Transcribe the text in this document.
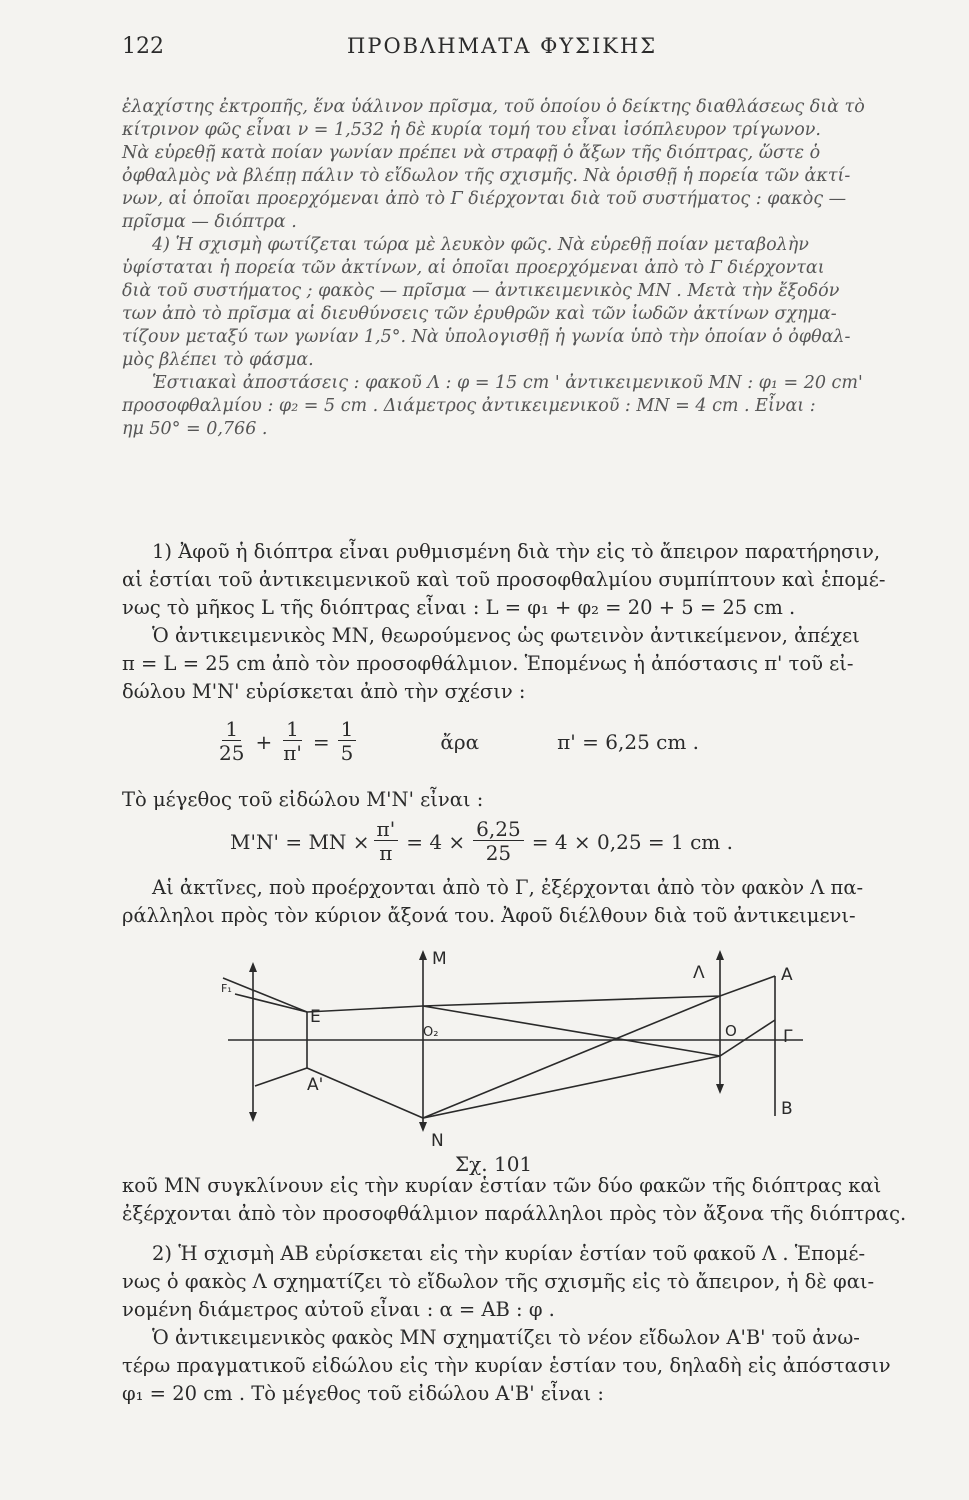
122	ΠΡΟΒΛΗΜΑΤΑ ΦΥΣΙΚΗΣ

ἐλαχίστης ἐκτροπῆς, ἕνα ὑάλινον πρῖσμα, τοῦ ὁποίου ὁ δείκτης διαθλάσεως διὰ τὸ

κίτρινον φῶς εἶναι ν = 1,532 ἡ δὲ κυρία τομή του εἶναι ἰσόπλευρον τρίγωνον.

Νὰ εὑρεθῇ κατὰ ποίαν γωνίαν πρέπει νὰ στραφῇ ὁ ἄξων τῆς διόπτρας, ὥστε ὁ

ὀφθαλμὸς νὰ βλέπῃ πάλιν τὸ εἴδωλον τῆς σχισμῆς. Νὰ ὁρισθῇ ἡ πορεία τῶν ἀκτί-

νων, αἱ ὁποῖαι προερχόμεναι ἀπὸ τὸ Γ διέρχονται διὰ τοῦ συστήματος : φακὸς —

πρῖσμα — διόπτρα .

4) Ἡ σχισμὴ φωτίζεται τώρα μὲ λευκὸν φῶς. Νὰ εὑρεθῇ ποίαν μεταβολὴν

ὑφίσταται ἡ πορεία τῶν ἀκτίνων, αἱ ὁποῖαι προερχόμεναι ἀπὸ τὸ Γ διέρχονται

διὰ τοῦ συστήματος ; φακὸς — πρῖσμα — ἀντικειμενικὸς ΜΝ . Μετὰ τὴν ἔξοδόν

των ἀπὸ τὸ πρῖσμα αἱ διευθύνσεις τῶν ἐρυθρῶν καὶ τῶν ἰωδῶν ἀκτίνων σχημα-

τίζουν μεταξύ των γωνίαν 1,5°. Νὰ ὑπολογισθῇ ἡ γωνία ὑπὸ τὴν ὁποίαν ὁ ὀφθαλ-

μὸς βλέπει τὸ φάσμα.

Ἑστιακαὶ ἀποστάσεις : φακοῦ Λ : φ = 15 cm ' ἀντικειμενικοῦ ΜΝ : φ₁ = 20 cm'

προσοφθαλμίου : φ₂ = 5 cm . Διάμετρος ἀντικειμενικοῦ : ΜΝ = 4 cm . Εἶναι :

ημ 50° = 0,766 .

1) Ἀφοῦ ἡ διόπτρα εἶναι ρυθμισμένη διὰ τὴν εἰς τὸ ἄπειρον παρατήρησιν,

αἱ ἑστίαι τοῦ ἀντικειμενικοῦ καὶ τοῦ προσοφθαλμίου συμπίπτουν καὶ ἑπομέ-

νως τὸ μῆκος L τῆς διόπτρας εἶναι : L = φ₁ + φ₂ = 20 + 5 = 25 cm .

Ὁ ἀντικειμενικὸς ΜΝ, θεωρούμενος ὡς φωτεινὸν ἀντικείμενον, ἀπέχει

π = L = 25 cm ἀπὸ τὸν προσοφθάλμιον. Ἑπομένως ἡ ἀπόστασις π' τοῦ εἰ-

δώλου Μ'Ν' εὑρίσκεται ἀπὸ τὴν σχέσιν :

$\frac{1}{25} + \frac{1}{\pi'} = \frac{1}{5}$	ἄρα	π' = 6,25 cm .

Τὸ μέγεθος τοῦ εἰδώλου Μ'Ν' εἶναι :

$M'N' = MN \times \frac{\pi'}{\pi} = 4 \times \frac{6,25}{25} = 4 \times 0,25 = 1$ cm .

Αἱ ἀκτῖνες, ποὺ προέρχονται ἀπὸ τὸ Γ, ἐξέρχονται ἀπὸ τὸν φακὸν Λ πα-

ράλληλοι πρὸς τὸν κύριον ἄξονά του. Ἀφοῦ διέλθουν διὰ τοῦ ἀντικειμενι-

M
N
E
A'
O₂
Λ	A
O	Γ
B
F₁
Σχ. 101

κοῦ ΜΝ συγκλίνουν εἰς τὴν κυρίαν ἑστίαν τῶν δύο φακῶν τῆς διόπτρας καὶ

ἐξέρχονται ἀπὸ τὸν προσοφθάλμιον παράλληλοι πρὸς τὸν ἄξονα τῆς διόπτρας.

2) Ἡ σχισμὴ ΑΒ εὑρίσκεται εἰς τὴν κυρίαν ἑστίαν τοῦ φακοῦ Λ . Ἑπομέ-

νως ὁ φακὸς Λ σχηματίζει τὸ εἴδωλον τῆς σχισμῆς εἰς τὸ ἄπειρον, ἡ δὲ φαι-

νομένη διάμετρος αὐτοῦ εἶναι : α = ΑΒ : φ .

Ὁ ἀντικειμενικὸς φακὸς ΜΝ σχηματίζει τὸ νέον εἴδωλον Α'Β' τοῦ ἀνω-

τέρω πραγματικοῦ εἰδώλου εἰς τὴν κυρίαν ἑστίαν του, δηλαδὴ εἰς ἀπόστασιν

φ₁ = 20 cm . Τὸ μέγεθος τοῦ εἰδώλου Α'Β' εἶναι :
